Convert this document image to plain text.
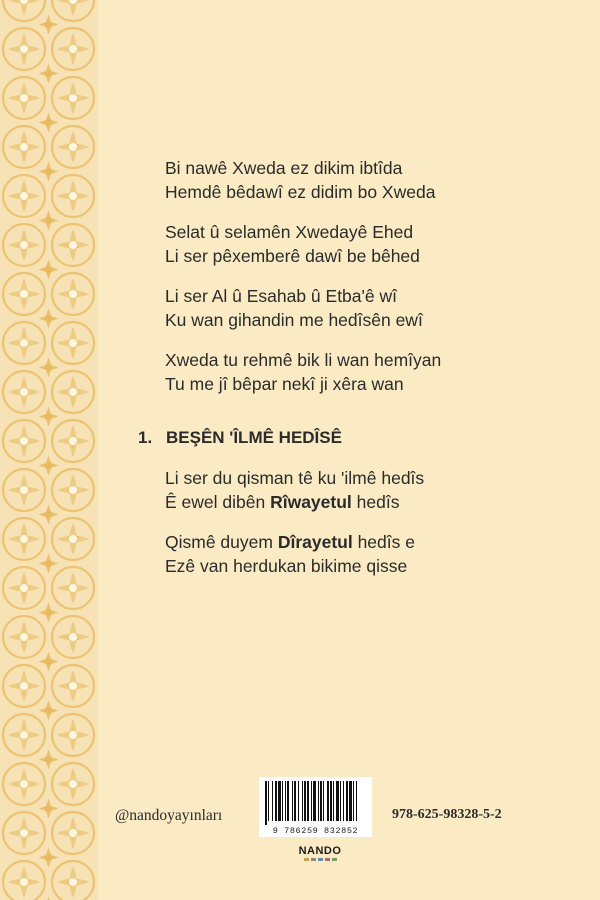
Bi nawê Xweda ez dikim ibtîda

Hemdê bêdawî ez didim bo Xweda

Selat û selamên Xwedayê Ehed

Li ser pêxemberê dawî be bêhed

Li ser Al û Esahab û Etba'ê wî

Ku wan gihandin me hedîsên ewî

Xweda tu rehmê bik li wan hemîyan

Tu me jî bêpar nekî ji xêra wan

1. BEŞÊN 'ÎLMÊ HEDÎSÊ

Li ser du qisman tê ku 'ilmê hedîs

Ê ewel dibên Rîwayetul hedîs

Qismê duyem Dîrayetul hedîs e

Ezê van herdukan bikime qisse

@nandoyayınları
9 786259 832852
978-625-98328-5-2
NANDO
